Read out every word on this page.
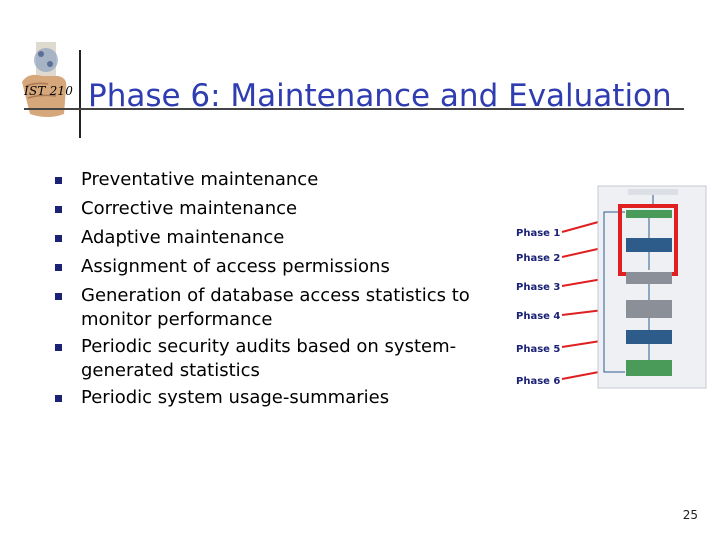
IST 210 Phase 6: Maintenance and Evaluation
Preventative maintenance
Corrective maintenance
Adaptive maintenance
Assignment of access permissions
Generation of database access statistics to monitor performance
Periodic security audits based on system-generated statistics
Periodic system usage-summaries
Phase 1
Phase 2
Phase 3
Phase 4
Phase 5
Phase 6
25
